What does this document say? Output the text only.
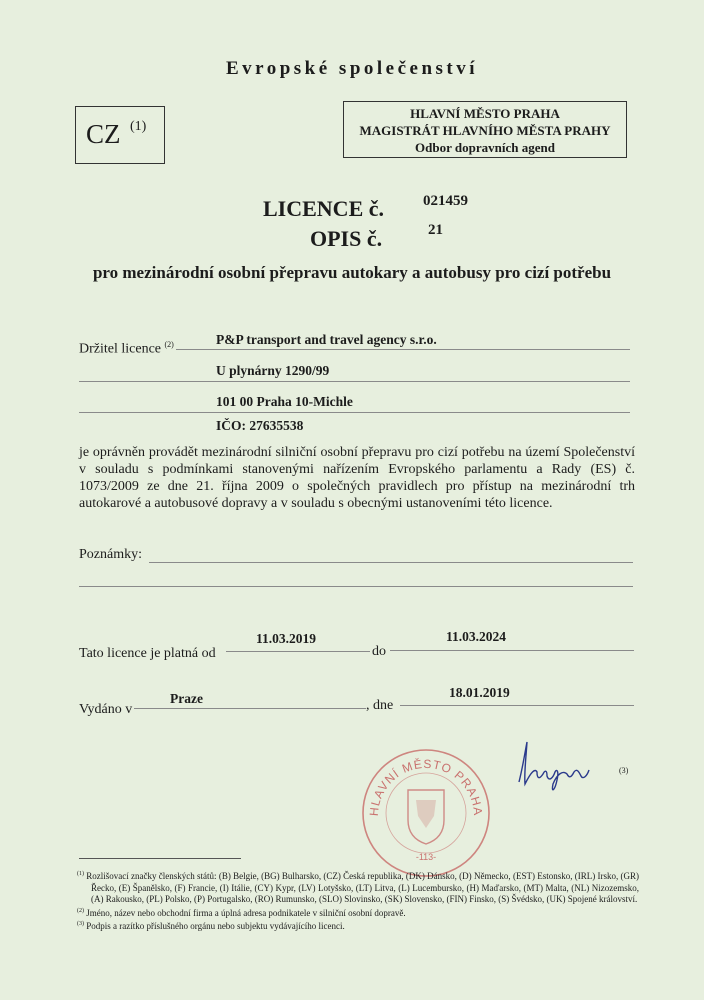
Evropské společenství
CZ (1)
HLAVNÍ MĚSTO PRAHA
MAGISTRÁT HLAVNÍHO MĚSTA PRAHY
Odbor dopravních agend
LICENCE č.	021459
OPIS č.	21
pro mezinárodní osobní přepravu autokary a autobusy pro cizí potřebu
Držitel licence $^{(2)}$	P&P transport and travel agency s.r.o.
U plynárny 1290/99
101 00 Praha 10-Michle
IČO: 27635538
je oprávněn provádět mezinárodní silniční osobní přepravu pro cizí potřebu na území Společenství v souladu s podmínkami stanovenými nařízením Evropského parlamentu a Rady (ES) č. 1073/2009 ze dne 21. října 2009 o společných pravidlech pro přístup na mezinárodní trh autokarové a autobusové dopravy a v souladu s obecnými ustanoveními této licence.
Poznámky:
Tato licence je platná od
11.03.2019
do
11.03.2024
Vydáno v
Praze	, dne
18.01.2019
HLAVNÍ MĚSTO PRAHA
-113-
(3)
$^{(1)}$ Rozlišovací značky členských států: (B) Belgie, (BG) Bulharsko, (CZ) Česká republika, (DK) Dánsko, (D) Německo, (EST) Estonsko, (IRL) Irsko, (GR) Řecko, (E) Španělsko, (F) Francie, (I) Itálie, (CY) Kypr, (LV) Lotyšsko, (LT) Litva, (L) Lucembursko, (H) Maďarsko, (MT) Malta, (NL) Nizozemsko, (A) Rakousko, (PL) Polsko, (P) Portugalsko, (RO) Rumunsko, (SLO) Slovinsko, (SK) Slovensko, (FIN) Finsko, (S) Švédsko, (UK) Spojené království.
$^{(2)}$ Jméno, název nebo obchodní firma a úplná adresa podnikatele v silniční osobní dopravě.
$^{(3)}$ Podpis a razítko příslušného orgánu nebo subjektu vydávajícího licenci.
